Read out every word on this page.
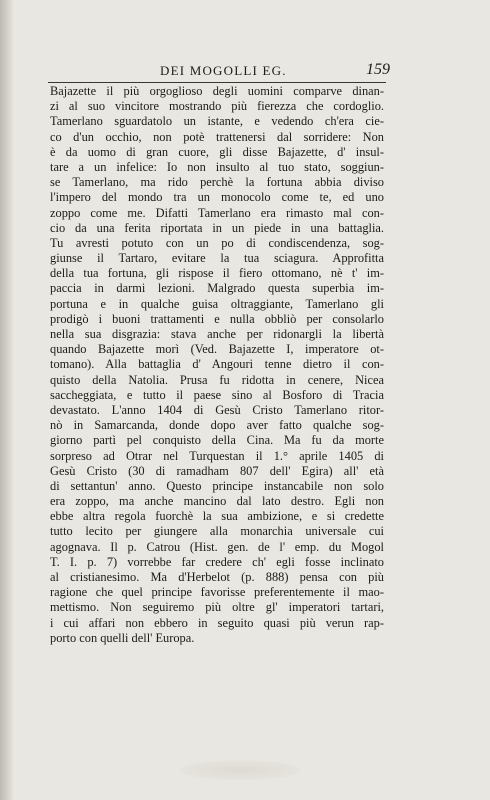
DEI MOGOLLI EG.	159
Bajazette il più orgoglioso degli uomini comparve dinan-
zi al suo vincitore mostrando più fierezza che cordoglio.
Tamerlano sguardatolo un istante, e vedendo ch'era cie-
co d'un occhio, non potè trattenersi dal sorridere: Non
è da uomo di gran cuore, gli disse Bajazette, d' insul-
tare a un infelice: Io non insulto al tuo stato, soggiun-
se Tamerlano, ma rido perchè la fortuna abbia diviso
l'impero del mondo tra un monocolo come te, ed uno
zoppo come me. Difatti Tamerlano era rimasto mal con-
cio da una ferita riportata in un piede in una battaglia.
Tu avresti potuto con un po di condiscendenza, sog-
giunse il Tartaro, evitare la tua sciagura. Approfitta
della tua fortuna, gli rispose il fiero ottomano, nè t' im-
paccia in darmi lezioni. Malgrado questa superbia im-
portuna e in qualche guisa oltraggiante, Tamerlano gli
prodigò i buoni trattamenti e nulla obbliò per consolarlo
nella sua disgrazia: stava anche per ridonargli la libertà
quando Bajazette morì (Ved. Bajazette I, imperatore ot-
tomano). Alla battaglia d' Angouri tenne dietro il con-
quisto della Natolia. Prusa fu ridotta in cenere, Nicea
saccheggiata, e tutto il paese sino al Bosforo di Tracia
devastato. L'anno 1404 di Gesù Cristo Tamerlano ritor-
nò in Samarcanda, donde dopo aver fatto qualche sog-
giorno partì pel conquisto della Cina. Ma fu da morte
sorpreso ad Otrar nel Turquestan il 1.° aprile 1405 di
Gesù Cristo (30 di ramadham 807 dell' Egira) all' età
di settantun' anno. Questo principe instancabile non solo
era zoppo, ma anche mancino dal lato destro. Egli non
ebbe altra regola fuorchè la sua ambizione, e si credette
tutto lecito per giungere alla monarchia universale cui
agognava. Il p. Catrou (Hist. gen. de l' emp. du Mogol
T. I. p. 7) vorrebbe far credere ch' egli fosse inclinato
al cristianesimo. Ma d'Herbelot (p. 888) pensa con più
ragione che quel principe favorisse preferentemente il mao-
mettismo. Non seguiremo più oltre gl' imperatori tartari,
i cui affari non ebbero in seguito quasi più verun rap-
porto con quelli dell' Europa.
